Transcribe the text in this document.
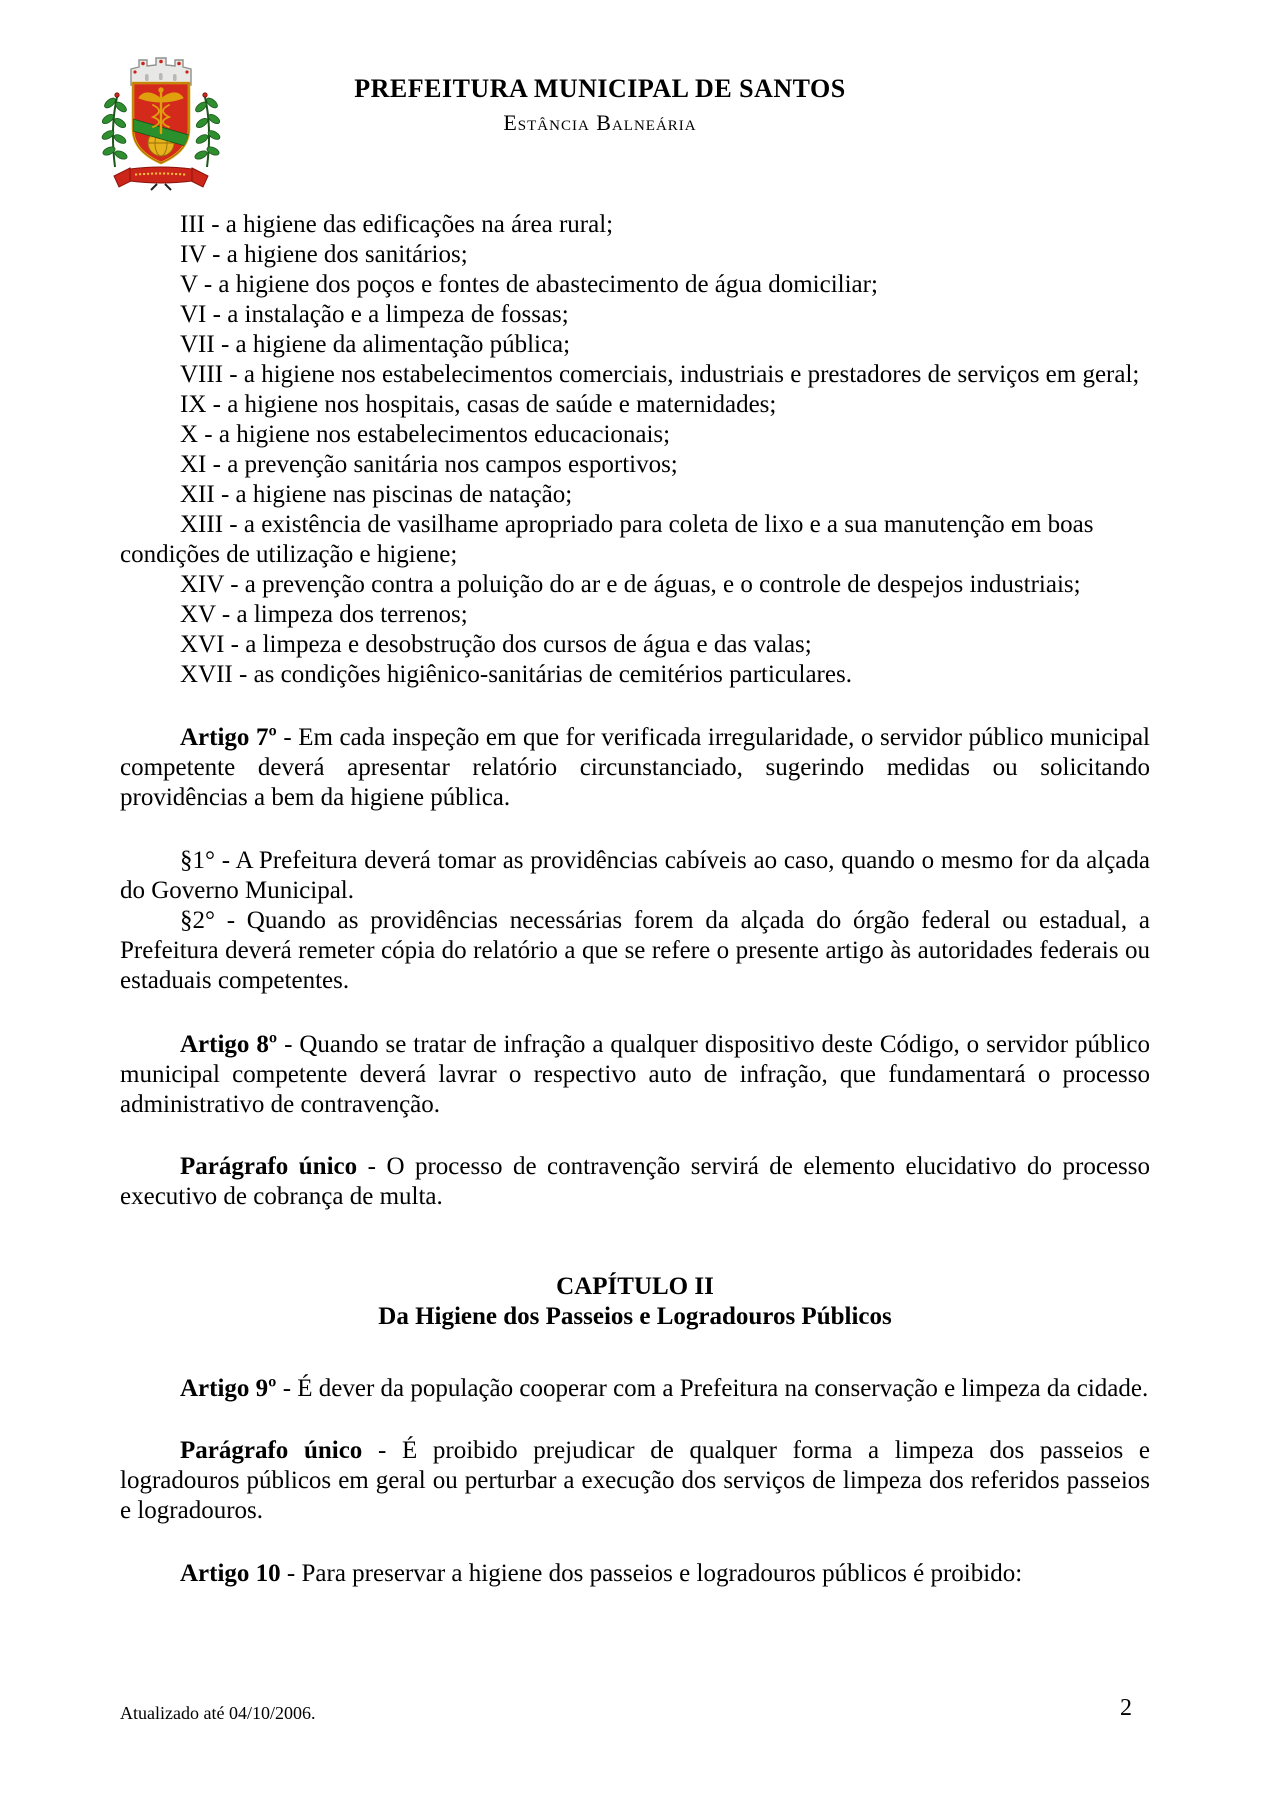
PREFEITURA MUNICIPAL DE SANTOS
Estância Balneária

III - a higiene das edificações na área rural;

IV - a higiene dos sanitários;

V - a higiene dos poços e fontes de abastecimento de água domiciliar;

VI - a instalação e a limpeza de fossas;

VII - a higiene da alimentação pública;

VIII - a higiene nos estabelecimentos comerciais, industriais e prestadores de serviços em geral;

IX - a higiene nos hospitais, casas de saúde e maternidades;

X - a higiene nos estabelecimentos educacionais;

XI - a prevenção sanitária nos campos esportivos;

XII - a higiene nas piscinas de natação;

XIII - a existência de vasilhame apropriado para coleta de lixo e a sua manutenção em boas condições de utilização e higiene;

XIV - a prevenção contra a poluição do ar e de águas, e o controle de despejos industriais;

XV - a limpeza dos terrenos;

XVI - a limpeza e desobstrução dos cursos de água e das valas;

XVII - as condições higiênico-sanitárias de cemitérios particulares.

Artigo 7º - Em cada inspeção em que for verificada irregularidade, o servidor público municipal competente deverá apresentar relatório circunstanciado, sugerindo medidas ou solicitando providências a bem da higiene pública.

§1° - A Prefeitura deverá tomar as providências cabíveis ao caso, quando o mesmo for da alçada do Governo Municipal.

§2° - Quando as providências necessárias forem da alçada do órgão federal ou estadual, a Prefeitura deverá remeter cópia do relatório a que se refere o presente artigo às autoridades federais ou estaduais competentes.

Artigo 8º - Quando se tratar de infração a qualquer dispositivo deste Código, o servidor público municipal competente deverá lavrar o respectivo auto de infração, que fundamentará o processo administrativo de contravenção.

Parágrafo único - O processo de contravenção servirá de elemento elucidativo do processo executivo de cobrança de multa.

CAPÍTULO II

Da Higiene dos Passeios e Logradouros Públicos

Artigo 9º - É dever da população cooperar com a Prefeitura na conservação e limpeza da cidade.

Parágrafo único - É proibido prejudicar de qualquer forma a limpeza dos passeios e logradouros públicos em geral ou perturbar a execução dos serviços de limpeza dos referidos passeios e logradouros.

Artigo 10 - Para preservar a higiene dos passeios e logradouros públicos é proibido:

Atualizado até 04/10/2006.	2
